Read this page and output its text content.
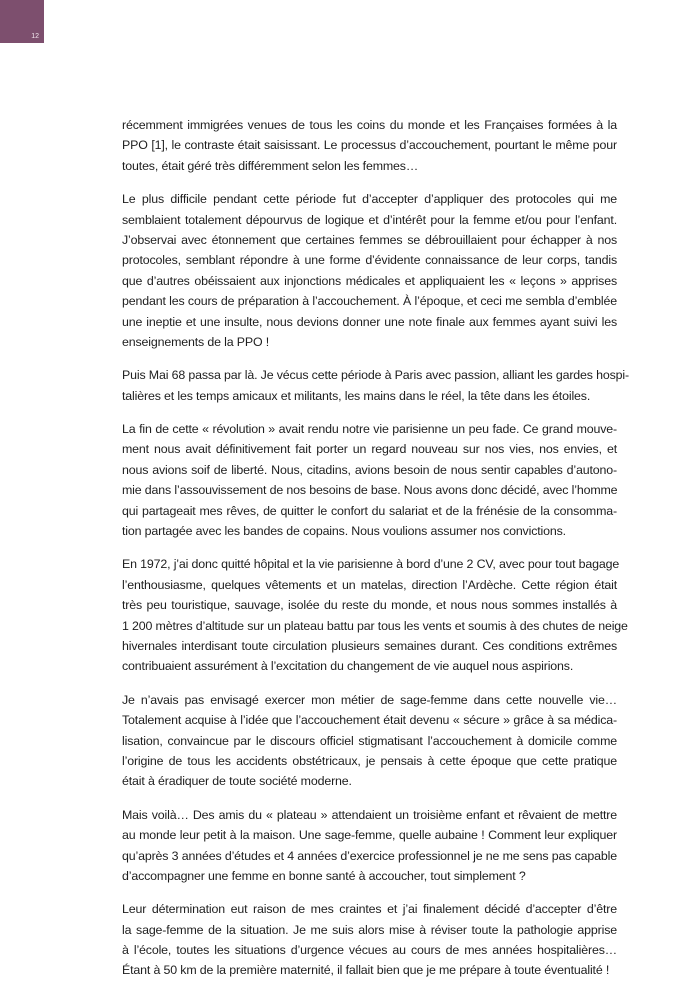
12

récemment immigrées venues de tous les coins du monde et les Françaises formées à la
PPO [1], le contraste était saisissant. Le processus d’accouchement, pourtant le même pour
toutes, était géré très différemment selon les femmes…

Le plus difficile pendant cette période fut d’accepter d’appliquer des protocoles qui me
semblaient totalement dépourvus de logique et d’intérêt pour la femme et/ou pour l’enfant.
J’observai avec étonnement que certaines femmes se débrouillaient pour échapper à nos
protocoles, semblant répondre à une forme d’évidente connaissance de leur corps, tandis
que d’autres obéissaient aux injonctions médicales et appliquaient les « leçons » apprises
pendant les cours de préparation à l’accouchement. À l’époque, et ceci me sembla d’emblée
une ineptie et une insulte, nous devions donner une note finale aux femmes ayant suivi les
enseignements de la PPO !

Puis Mai 68 passa par là. Je vécus cette période à Paris avec passion, alliant les gardes hospi-
talières et les temps amicaux et militants, les mains dans le réel, la tête dans les étoiles.

La fin de cette « révolution » avait rendu notre vie parisienne un peu fade. Ce grand mouve-
ment nous avait définitivement fait porter un regard nouveau sur nos vies, nos envies, et
nous avions soif de liberté. Nous, citadins, avions besoin de nous sentir capables d’autono-
mie dans l’assouvissement de nos besoins de base. Nous avons donc décidé, avec l’homme
qui partageait mes rêves, de quitter le confort du salariat et de la frénésie de la consomma-
tion partagée avec les bandes de copains. Nous voulions assumer nos convictions.

En 1972, j’ai donc quitté hôpital et la vie parisienne à bord d’une 2 CV, avec pour tout bagage
l’enthousiasme, quelques vêtements et un matelas, direction l’Ardèche. Cette région était
très peu touristique, sauvage, isolée du reste du monde, et nous nous sommes installés à
1 200 mètres d’altitude sur un plateau battu par tous les vents et soumis à des chutes de neige
hivernales interdisant toute circulation plusieurs semaines durant. Ces conditions extrêmes
contribuaient assurément à l’excitation du changement de vie auquel nous aspirions.

Je n’avais pas envisagé exercer mon métier de sage-femme dans cette nouvelle vie…
Totalement acquise à l’idée que l’accouchement était devenu « sécure » grâce à sa médica-
lisation, convaincue par le discours officiel stigmatisant l’accouchement à domicile comme
l’origine de tous les accidents obstétricaux, je pensais à cette époque que cette pratique
était à éradiquer de toute société moderne.

Mais voilà… Des amis du « plateau » attendaient un troisième enfant et rêvaient de mettre
au monde leur petit à la maison. Une sage-femme, quelle aubaine ! Comment leur expliquer
qu’après 3 années d’études et 4 années d’exercice professionnel je ne me sens pas capable
d’accompagner une femme en bonne santé à accoucher, tout simplement ?

Leur détermination eut raison de mes craintes et j’ai finalement décidé d’accepter d’être
la sage-femme de la situation. Je me suis alors mise à réviser toute la pathologie apprise
à l’école, toutes les situations d’urgence vécues au cours de mes années hospitalières…
Étant à 50 km de la première maternité, il fallait bien que je me prépare à toute éventualité !
